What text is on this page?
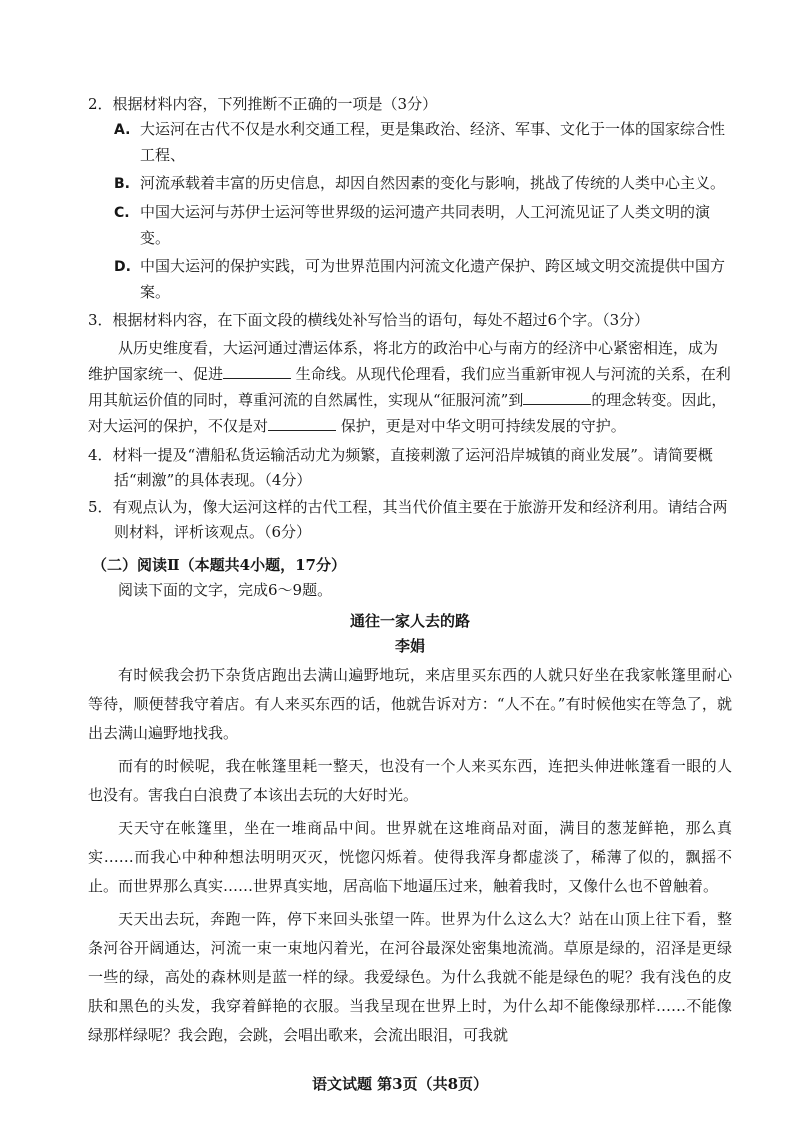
2．根据材料内容，下列推断不正确的一项是（3分）

A. 大运河在古代不仅是水利交通工程，更是集政治、经济、军事、文化于一体的国家综合性工程、

B. 河流承载着丰富的历史信息，却因自然因素的变化与影响，挑战了传统的人类中心主义。

C. 中国大运河与苏伊士运河等世界级的运河遗产共同表明，人工河流见证了人类文明的演变。

D. 中国大运河的保护实践，可为世界范围内河流文化遗产保护、跨区域文明交流提供中国方案。

3．根据材料内容，在下面文段的横线处补写恰当的语句，每处不超过6个字。（3分）

从历史维度看，大运河通过漕运体系，将北方的政治中心与南方的经济中心紧密相连，成为维护国家统一、促进	生命线。从现代伦理看，我们应当重新审视人与河流的关系，在利用其航运价值的同时，尊重河流的自然属性，实现从“征服河流”到	的理念转变。因此，对大运河的保护，不仅是对	保护，更是对中华文明可持续发展的守护。

4．材料一提及“漕船私货运输活动尤为频繁，直接刺激了运河沿岸城镇的商业发展”。请简要概括“刺激”的具体表现。（4分）

5．有观点认为，像大运河这样的古代工程，其当代价值主要在于旅游开发和经济利用。请结合两则材料，评析该观点。（6分）

（二）阅读Ⅱ（本题共4小题，17分）
阅读下面的文字，完成6～9题。
通往一家人去的路
李娟

有时候我会扔下杂货店跑出去满山遍野地玩，来店里买东西的人就只好坐在我家帐篷里耐心等待，顺便替我守着店。有人来买东西的话，他就告诉对方：“人不在。”有时候他实在等急了，就出去满山遍野地找我。

而有的时候呢，我在帐篷里耗一整天，也没有一个人来买东西，连把头伸进帐篷看一眼的人也没有。害我白白浪费了本该出去玩的大好时光。

天天守在帐篷里，坐在一堆商品中间。世界就在这堆商品对面，满目的葱茏鲜艳，那么真实……而我心中种种想法明明灭灭，恍惚闪烁着。使得我浑身都虚淡了，稀薄了似的，飘摇不止。而世界那么真实……世界真实地，居高临下地逼压过来，触着我时，又像什么也不曾触着。

天天出去玩，奔跑一阵，停下来回头张望一阵。世界为什么这么大？站在山顶上往下看，整条河谷开阔通达，河流一束一束地闪着光，在河谷最深处密集地流淌。草原是绿的，沼泽是更绿一些的绿，高处的森林则是蓝一样的绿。我爱绿色。为什么我就不能是绿色的呢？我有浅色的皮肤和黑色的头发，我穿着鲜艳的衣服。当我呈现在世界上时，为什么却不能像绿那样……不能像绿那样绿呢？我会跑，会跳，会唱出歌来，会流出眼泪，可我就

语文试题 第3页（共8页）
